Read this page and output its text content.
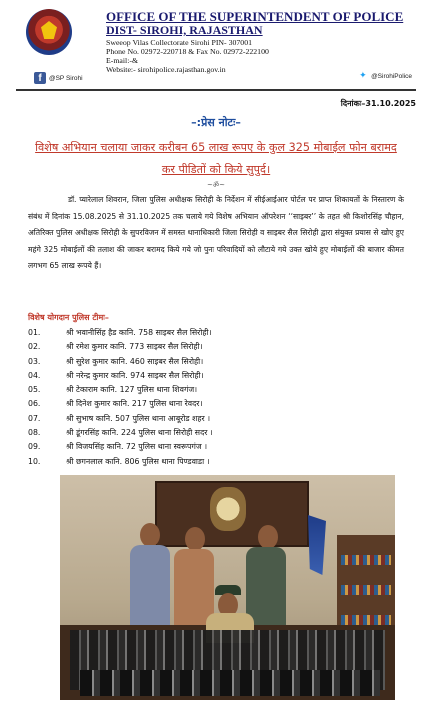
OFFICE OF THE SUPERINTENDENT OF POLICE
DIST- SIROHI, RAJASTHAN
Sweeop Vilas Collectorate Sirohi PIN- 307001
Phone No. 02972-220718 & Fax No. 02972-222100
E-mail:-&
Website:- sirohipolice.rajasthan.gov.in
f	@SP Sirohi	✦ @SirohiPolice
दिनांकः–31.10.2025
–:प्रेस नोटः–
विशेष अभियान चलाया जाकर करीबन 65 लाख रूपए के कुल 325 मोबाईल फोन बरामद कर पीडितों को किये सुपुर्द।
~ॐ~
डॉ. प्यारेलाल शिवरान, जिला पुलिस अधीक्षक सिरोही के निर्देशन में सीईआईआर पोर्टल पर प्राप्त शिकायतों के निस्तारण के संबंध में दिनांक 15.08.2025 से 31.10.2025 तक चलाये गये विशेष अभियान ऑपरेशन ‘‘साइबर’’ के तहत श्री किशोरसिंह चौहान, अतिरिक्त पुलिस अधीक्षक सिरोही के सुपरविजन में समस्त थानाधिकारी जिला सिरोही व साइबर सैल सिरोही द्वारा संयुक्त प्रयास से खोए हुए महंगे 325 मोबाईलों की तलाश की जाकर बरामद किये गये जो पुनः परिवादियों को लौटाये गये उक्त खोये हुए मोबाईलों की बाजार कीमत लगभग 65 लाख रूपये हैं।
विशेष योगदान पुलिस टीमः–
01.	श्री भवानीसिंह हैड कानि. 758 साइबर सैल सिरोही।
02.	श्री रमेश कुमार कानि. 773 साइबर सैल सिरोही।
03.	श्री सुरेश कुमार कानि. 460 साइबर सैल सिरोही।
04.	श्री नरेन्द्र कुमार कानि. 974 साइबर सैल सिरोही।
05.	श्री टेकाराम कानि. 127 पुलिस थाना शिवगंज।
06.	श्री दिनेश कुमार कानि. 217 पुलिस थाना रेवदर।
07.	श्री सुभाष कानि. 507 पुलिस थाना आबूरोड शहर ।
08.	श्री डूंगरसिंह कानि. 224 पुलिस थाना सिरोही सदर ।
09.	श्री विजयसिंह कानि. 72 पुलिस थाना स्वरूपगंज ।
10.	श्री छगनलाल कानि. 806 पुलिस थाना पिण्डवाडा ।
